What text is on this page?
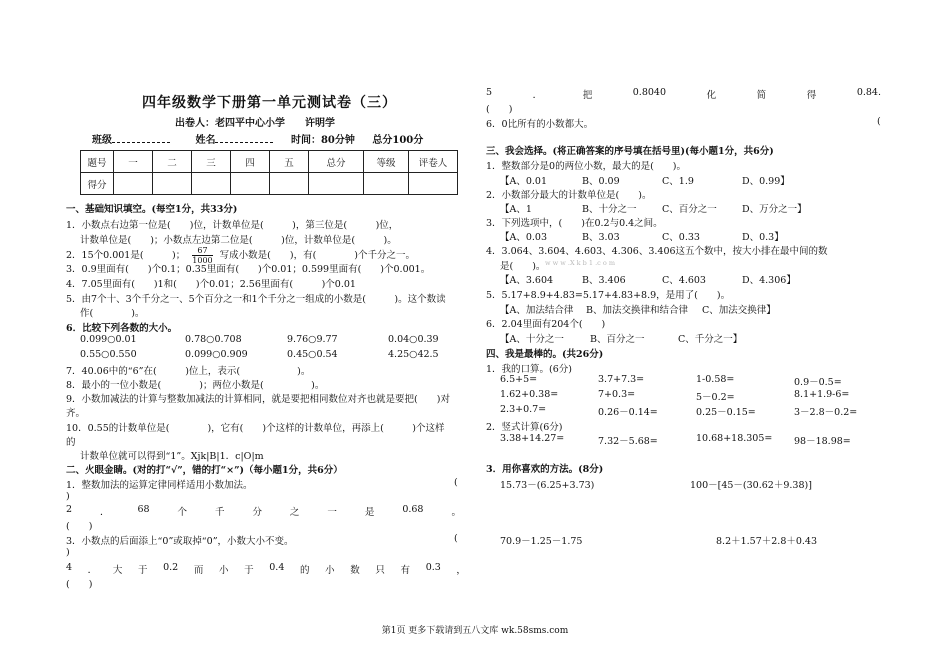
四年级数学下册第一单元测试卷（三）
出卷人：老四平中心小学　　许明学
班级	姓名	时间：80分钟 总分100分
题号	一	二	三	四	五	总分	等级	评卷人
得分								
一、基础知识填空。(每空1分，共33分)
1．小数点右边第一位是(　　)位，计数单位是(　　　)，第三位是(　　　)位，
计数单位是(　　)；小数点左边第二位是(　　　)位，计数单位是(　　　)。
2．15个0.001是(　　　)； $\frac{67}{1000}$ 写成小数是(　　)，有(　　　　)个千分之一。
3．0.9里面有(　　)个0.1；0.35里面有(　　)个0.01；0.599里面有(　　)个0.001。
4．7.05里面有(　　)1和(　　)个0.01；2.56里面有(　　　)个0.01
5．由7个十、3个千分之一、5个百分之一和1个千分之一组成的小数是(　　　)。这个数读
作(　　　　)。
6．比较下列各数的大小。
0.099○0.01	0.78○0.708	9.76○9.77	0.04○0.39
0.55○0.550	0.099○0.909	0.45○0.54	4.25○42.5
7．40.06中的“6”在(　　　)位上，表示(　　　　　　)。
8．最小的一位小数是(　　　　)；两位小数是(　　　　　)。
9．小数加减法的计算与整数加减法的计算相同，就是要把相同数位对齐也就是要把(　　)对
齐。
10．0.55的计数单位是(　　　　)，它有(　　)个这样的计数单位，再添上(　　　)个这样
的
计数单位就可以得到“1”。Xjk|B|1．c|O|m
二、火眼金睛。(对的打“√”，错的打“×”)（每小题1分，共6分）
1．整数加法的运算定律同样适用小数加法。	(
)
2	．	68	个	千	分	之	一	是	0.68	。
(　　)
3．小数点的后面添上“0”或取掉“0”，小数大小不变。	(
)
4 ． 大 于 0.2 而 小 于 0.4 的 小 数 只 有 0.3 ，
(　　)
5	．	把	0.8040	化	简	得	0.84.
(　　)
6．0比所有的小数都大。	(
三、我会选择。(将正确答案的序号填在括号里)(每小题1分，共6分)
1．整数部分是0的两位小数，最大的是(　　)。
【A、0.01	B、0.09	C、1.9	D、0.99】
2．小数部分最大的计数单位是(　　)。
【A、1	B、十分之一	C、百分之一	D、万分之一】
3．下列选项中，(　　)在0.2与0.4之间。
【A、0.03	B、3.03	C、0.33	D、0.3】
4．3.064、3.604、4.603、4.306、3.406这五个数中，按大小排在最中间的数
是(　　)。 w w w .X k b 1 .c o m
【A、3.604	B、3.406	C、4.603	D、4.306】
5．5.17+8.9+4.83=5.17+4.83+8.9，是用了(　　)。
【A、加法结合律 B、加法交换律和结合律 C、加法交换律】
6．2.04里面有204个(　　)
【A、十分之一	B、百分之一	C、千分之一】
四、我是最棒的。(共26分)
1．我的口算。(6分)
6.5+5=	3.7+7.3=	1-0.58=	0.9－0.5=
1.62+0.38=	7+0.3=	5－0.2=	8.1+1.9-6=
2.3+0.7=	0.26－0.14=	0.25－0.15=	3－2.8－0.2=
2．竖式计算(6分)
3.38+14.27=	7.32－5.68=	10.68+18.305= 98－18.98=
3．用你喜欢的方法。(8分)
15.73－(6.25+3.73)	100－[45－(30.62＋9.38)]
70.9－1.25－1.75	8.2＋1.57＋2.8＋0.43
第1页 更多下载请到五八文库 wk.58sms.com
